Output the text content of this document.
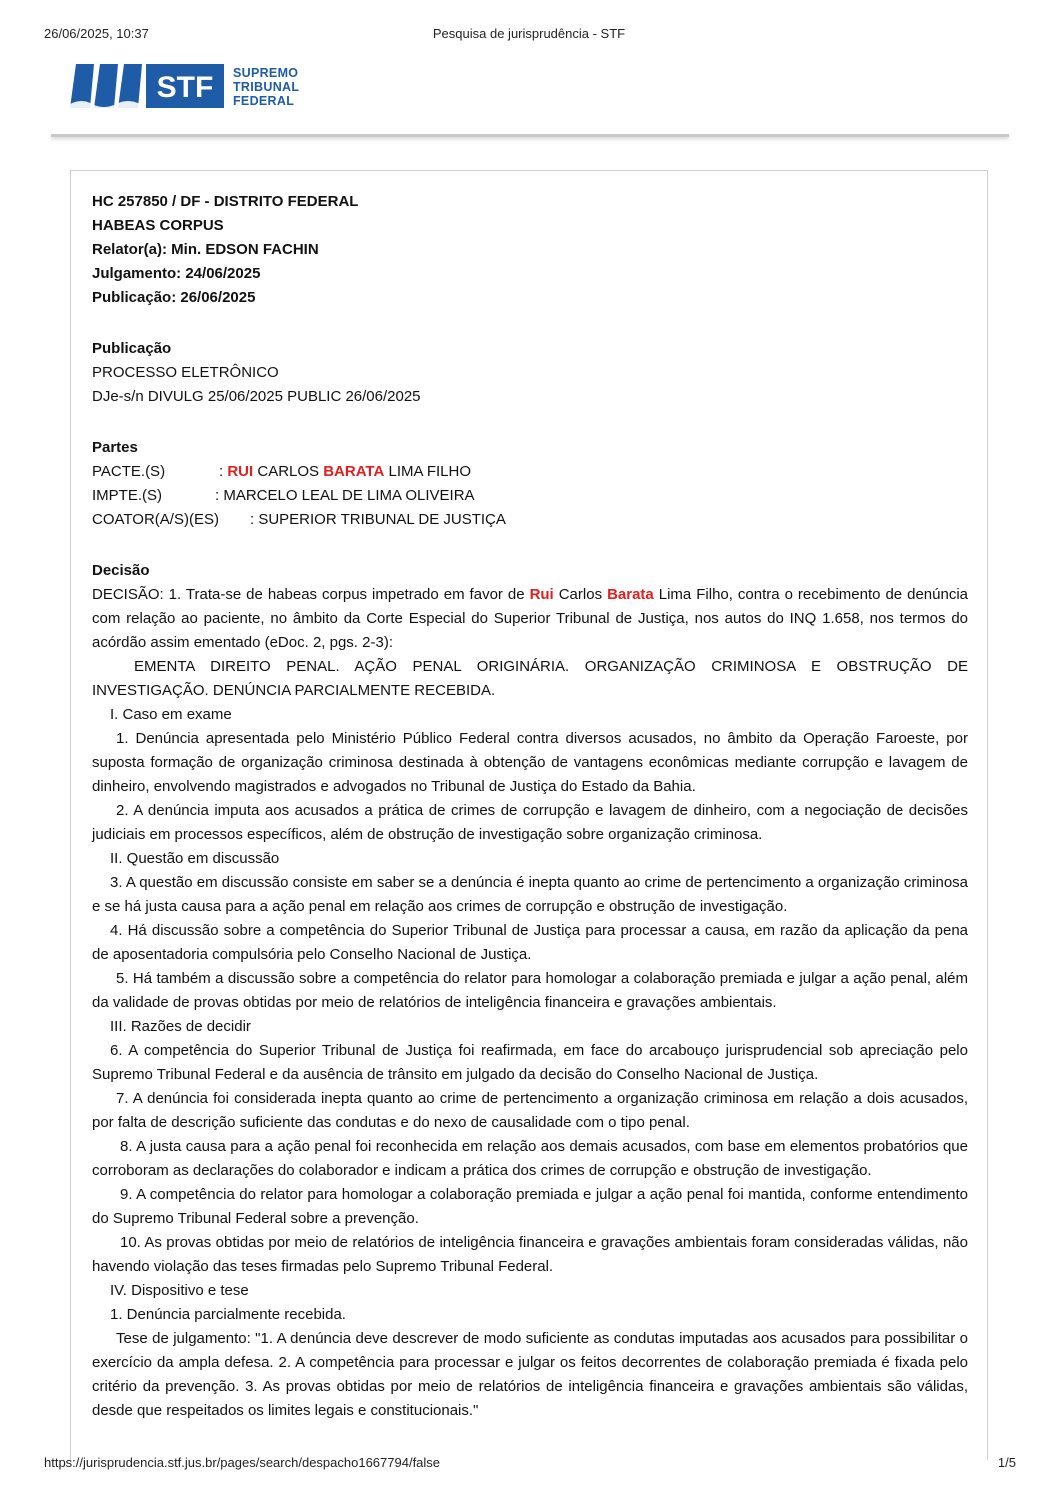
26/06/2025, 10:37	Pesquisa de jurisprudência - STF
STF SUPREMO
TRIBUNAL
FEDERAL
HC 257850 / DF - DISTRITO FEDERAL
HABEAS CORPUS
Relator(a): Min. EDSON FACHIN
Julgamento: 24/06/2025
Publicação: 26/06/2025
Publicação
PROCESSO ELETRÔNICO
DJe-s/n DIVULG 25/06/2025 PUBLIC 26/06/2025
Partes
PACTE.(S)	: RUI CARLOS BARATA LIMA FILHO
IMPTE.(S)	: MARCELO LEAL DE LIMA OLIVEIRA
COATOR(A/S)(ES) : SUPERIOR TRIBUNAL DE JUSTIÇA
Decisão
DECISÃO: 1. Trata-se de habeas corpus impetrado em favor de Rui Carlos Barata Lima Filho, contra o recebimento de denúncia com relação ao paciente, no âmbito da Corte Especial do Superior Tribunal de Justiça, nos autos do INQ 1.658, nos termos do acórdão assim ementado (eDoc. 2, pgs. 2-3):
EMENTA DIREITO PENAL. AÇÃO PENAL ORIGINÁRIA. ORGANIZAÇÃO CRIMINOSA E OBSTRUÇÃO DE INVESTIGAÇÃO. DENÚNCIA PARCIALMENTE RECEBIDA.
I. Caso em exame
1. Denúncia apresentada pelo Ministério Público Federal contra diversos acusados, no âmbito da Operação Faroeste, por suposta formação de organização criminosa destinada à obtenção de vantagens econômicas mediante corrupção e lavagem de dinheiro, envolvendo magistrados e advogados no Tribunal de Justiça do Estado da Bahia.
2. A denúncia imputa aos acusados a prática de crimes de corrupção e lavagem de dinheiro, com a negociação de decisões judiciais em processos específicos, além de obstrução de investigação sobre organização criminosa.
II. Questão em discussão
3. A questão em discussão consiste em saber se a denúncia é inepta quanto ao crime de pertencimento a organização criminosa e se há justa causa para a ação penal em relação aos crimes de corrupção e obstrução de investigação.
4. Há discussão sobre a competência do Superior Tribunal de Justiça para processar a causa, em razão da aplicação da pena de aposentadoria compulsória pelo Conselho Nacional de Justiça.
5. Há também a discussão sobre a competência do relator para homologar a colaboração premiada e julgar a ação penal, além da validade de provas obtidas por meio de relatórios de inteligência financeira e gravações ambientais.
III. Razões de decidir
6. A competência do Superior Tribunal de Justiça foi reafirmada, em face do arcabouço jurisprudencial sob apreciação pelo Supremo Tribunal Federal e da ausência de trânsito em julgado da decisão do Conselho Nacional de Justiça.
7. A denúncia foi considerada inepta quanto ao crime de pertencimento a organização criminosa em relação a dois acusados, por falta de descrição suficiente das condutas e do nexo de causalidade com o tipo penal.
8. A justa causa para a ação penal foi reconhecida em relação aos demais acusados, com base em elementos probatórios que corroboram as declarações do colaborador e indicam a prática dos crimes de corrupção e obstrução de investigação.
9. A competência do relator para homologar a colaboração premiada e julgar a ação penal foi mantida, conforme entendimento do Supremo Tribunal Federal sobre a prevenção.
10. As provas obtidas por meio de relatórios de inteligência financeira e gravações ambientais foram consideradas válidas, não havendo violação das teses firmadas pelo Supremo Tribunal Federal.
IV. Dispositivo e tese
1. Denúncia parcialmente recebida.
Tese de julgamento: "1. A denúncia deve descrever de modo suficiente as condutas imputadas aos acusados para possibilitar o exercício da ampla defesa. 2. A competência para processar e julgar os feitos decorrentes de colaboração premiada é fixada pelo critério da prevenção. 3. As provas obtidas por meio de relatórios de inteligência financeira e gravações ambientais são válidas, desde que respeitados os limites legais e constitucionais."
https://jurisprudencia.stf.jus.br/pages/search/despacho1667794/false	1/5
